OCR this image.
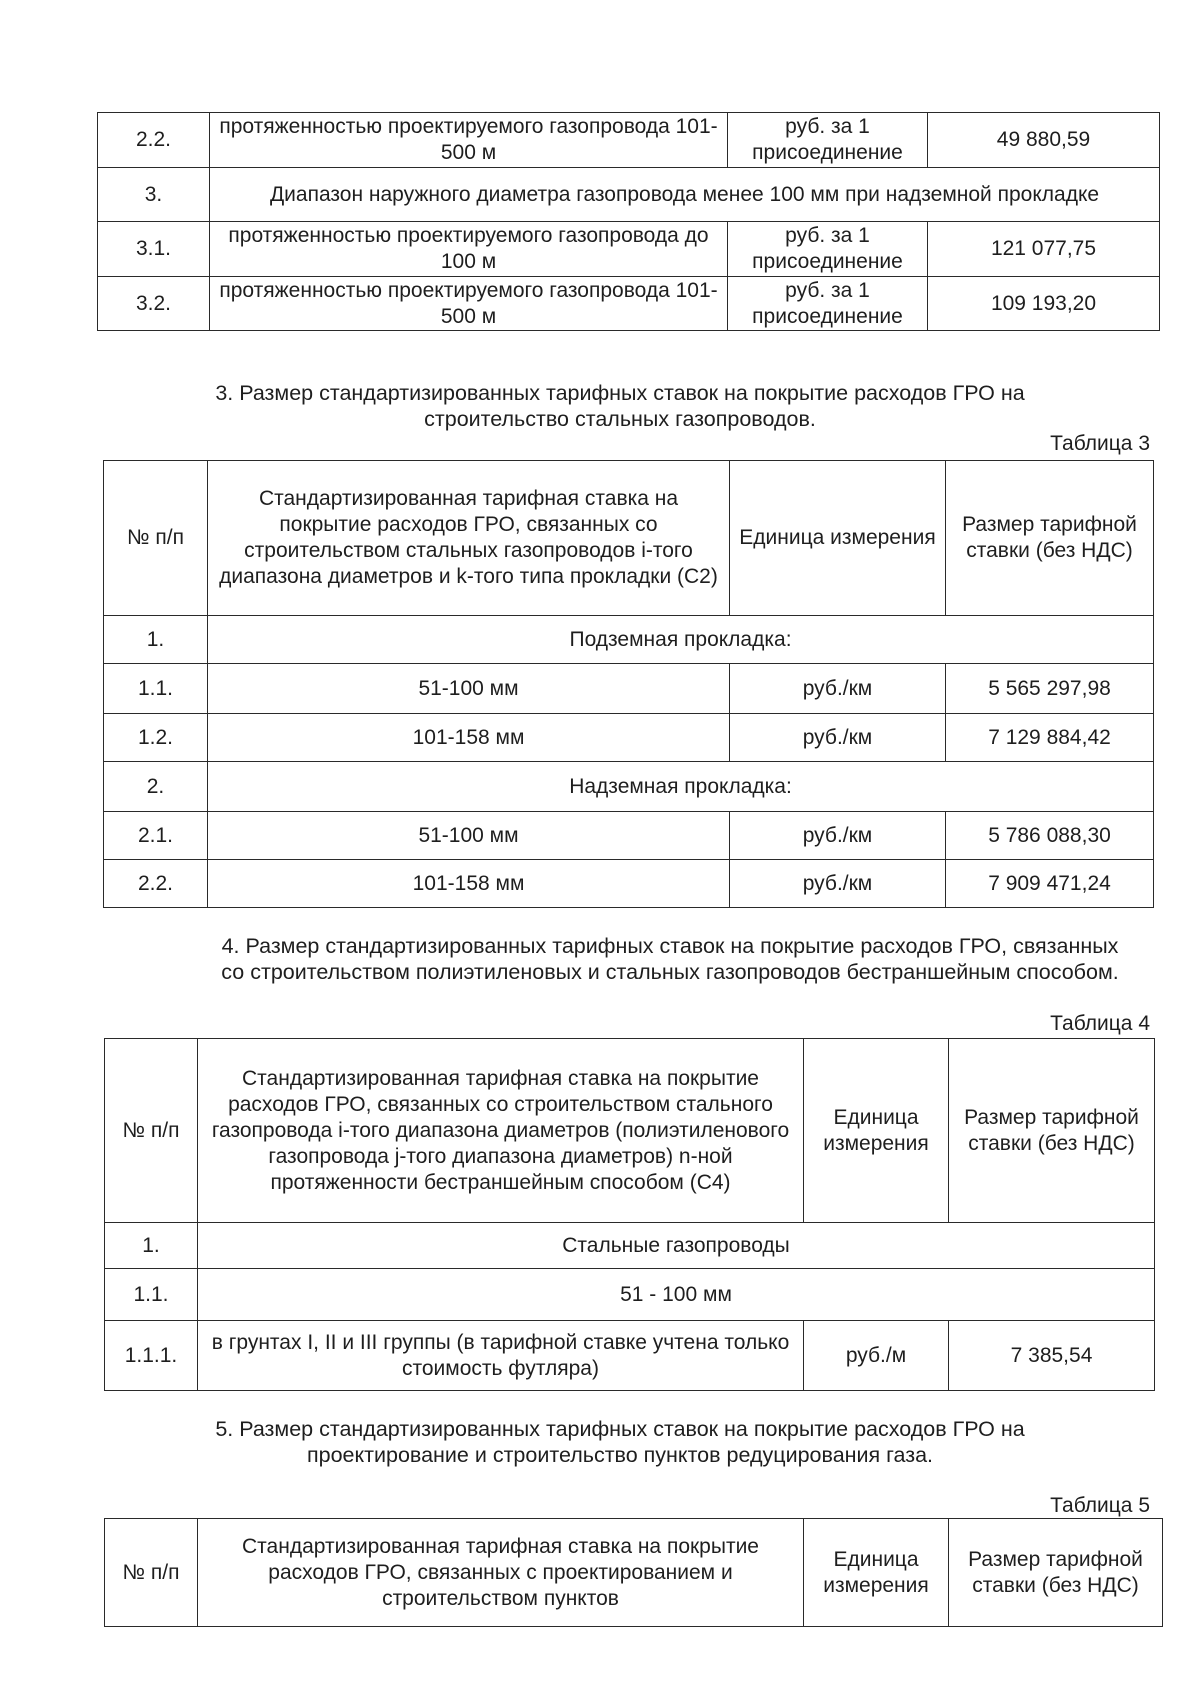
2.2.	протяженностью проектируемого газопровода 101-500 м	руб. за 1 присоединение	49 880,59
3.	Диапазон наружного диаметра газопровода менее 100 мм при надземной прокладке		
3.1.	протяженностью проектируемого газопровода до 100 м	руб. за 1 присоединение	121 077,75
3.2.	протяженностью проектируемого газопровода 101-500 м	руб. за 1 присоединение	109 193,20
3. Размер стандартизированных тарифных ставок на покрытие расходов ГРО на строительство стальных газопроводов.
Таблица 3
№ п/п	Стандартизированная тарифная ставка на покрытие расходов ГРО, связанных со строительством стальных газопроводов i-того диапазона диаметров и k-того типа прокладки (С2)	Единица измерения	Размер тарифной ставки (без НДС)
1.	Подземная прокладка:		
1.1.	51-100 мм	руб./км	5 565 297,98
1.2.	101-158 мм	руб./км	7 129 884,42
2.	Надземная прокладка:		
2.1.	51-100 мм	руб./км	5 786 088,30
2.2.	101-158 мм	руб./км	7 909 471,24
4. Размер стандартизированных тарифных ставок на покрытие расходов ГРО, связанных со строительством полиэтиленовых и стальных газопроводов бестраншейным способом.
Таблица 4
№ п/п	Стандартизированная тарифная ставка на покрытие расходов ГРО, связанных со строительством стального газопровода i-того диапазона диаметров (полиэтиленового газопровода j-того диапазона диаметров) n-ной протяженности бестраншейным способом (С4)	Единица измерения	Размер тарифной ставки (без НДС)
1.	Стальные газопроводы		
1.1.	51 - 100 мм		
1.1.1.	в грунтах I, II и III группы (в тарифной ставке учтена только стоимость футляра)	руб./м	7 385,54
5. Размер стандартизированных тарифных ставок на покрытие расходов ГРО на проектирование и строительство пунктов редуцирования газа.
Таблица 5
№ п/п	Стандартизированная тарифная ставка на покрытие расходов ГРО, связанных с проектированием и строительством пунктов	Единица измерения	Размер тарифной ставки (без НДС)
